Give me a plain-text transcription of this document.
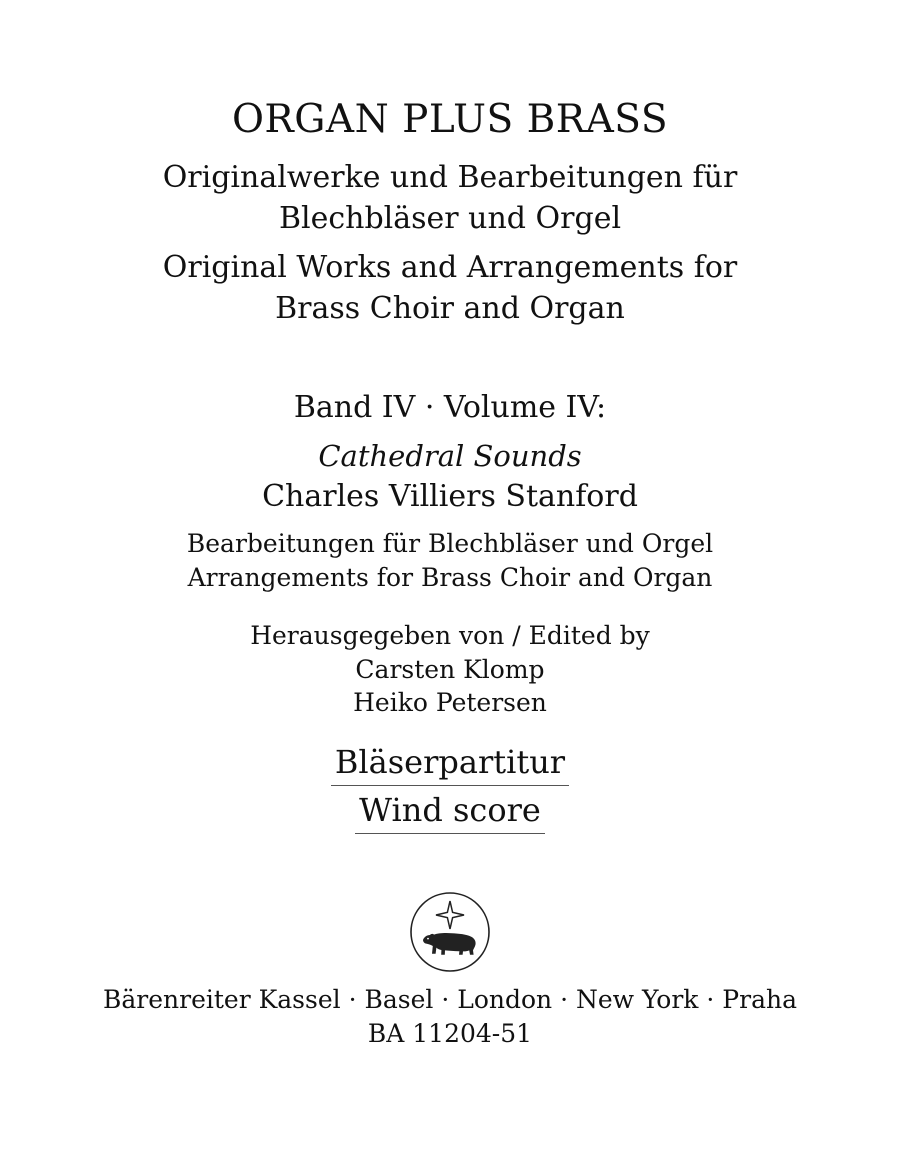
ORGAN PLUS BRASS
Originalwerke und Bearbeitungen für
Blechbläser und Orgel
Original Works and Arrangements for
Brass Choir and Organ
Band IV · Volume IV:
Cathedral Sounds
Charles Villiers Stanford
Bearbeitungen für Blechbläser und Orgel
Arrangements for Brass Choir and Organ
Herausgegeben von / Edited by
Carsten Klomp
Heiko Petersen
Bläserpartitur
Wind score
Bärenreiter Kassel · Basel · London · New York · Praha
BA 11204-51
